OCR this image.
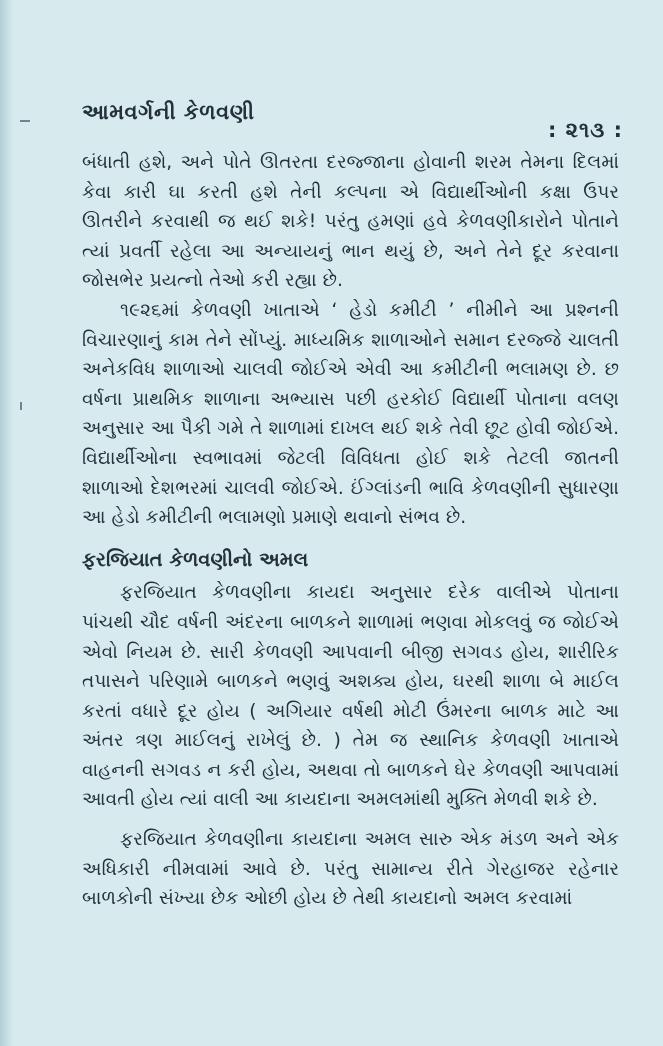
આમવર્ગની કેળવણી
: ૨૧૩ :

બંધાતી હશે, અને પોતે ઊતરતા દરજ્જાના હોવાની શરમ તેમના દિલમાં કેવા કારી ઘા કરતી હશે તેની કલ્પના એ વિદ્યાર્થીઓની કક્ષા ઉપર ઊતરીને કરવાથી જ થઈ શકે! પરંતુ હમણાં હવે કેળવણીકારોને પોતાને ત્યાં પ્રવર્તી રહેલા આ અન્યાયનું ભાન થયું છે, અને તેને દૂર કરવાના જોસભેર પ્રયત્નો તેઓ કરી રહ્યા છે.

૧૯૨૬માં કેળવણી ખાતાએ ‘ હેડો કમીટી ’ નીમીને આ પ્રશ્નની વિચારણાનું કામ તેને સોંપ્યું. માધ્યમિક શાળાઓને સમાન દરજ્જે ચાલતી અનેકવિધ શાળાઓ ચાલવી જોઈએ એવી આ કમીટીની ભલામણ છે. છ વર્ષના પ્રાથમિક શાળાના અભ્યાસ પછી હરકોઈ વિદ્યાર્થી પોતાના વલણ અનુસાર આ પૈકી ગમે તે શાળામાં દાખલ થઈ શકે તેવી છૂટ હોવી જોઈએ. વિદ્યાર્થીઓના સ્વભાવમાં જેટલી વિવિધતા હોઈ શકે તેટલી જાતની શાળાઓ દેશભરમાં ચાલવી જોઈએ. ઈંગ્લાંડની ભાવિ કેળવણીની સુધારણા આ હેડો કમીટીની ભલામણો પ્રમાણે થવાનો સંભવ છે.

ફરજિયાત કેળવણીનો અમલ

ફરજિયાત કેળવણીના કાયદા અનુસાર દરેક વાલીએ પોતાના પાંચથી ચૌદ વર્ષની અંદરના બાળકને શાળામાં ભણવા મોકલવું જ જોઈએ એવો નિયમ છે. સારી કેળવણી આપવાની બીજી સગવડ હોય, શારીરિક તપાસને પરિણામે બાળકને ભણવું અશક્ય હોય, ઘરથી શાળા બે માઈલ કરતાં વધારે દૂર હોય ( અગિયાર વર્ષથી મોટી ઉંમરના બાળક માટે આ અંતર ત્રણ માઈલનું રાખેલું છે. ) તેમ જ સ્થાનિક કેળવણી ખાતાએ વાહનની સગવડ ન કરી હોય, અથવા તો બાળકને ઘેર કેળવણી આપવામાં આવતી હોય ત્યાં વાલી આ કાયદાના અમલમાંથી મુક્તિ મેળવી શકે છે.

ફરજિયાત કેળવણીના કાયદાના અમલ સારુ એક મંડળ અને એક અધિકારી નીમવામાં આવે છે. પરંતુ સામાન્ય રીતે ગેરહાજર રહેનાર બાળકોની સંખ્યા છેક ઓછી હોય છે તેથી કાયદાનો અમલ કરવામાં
